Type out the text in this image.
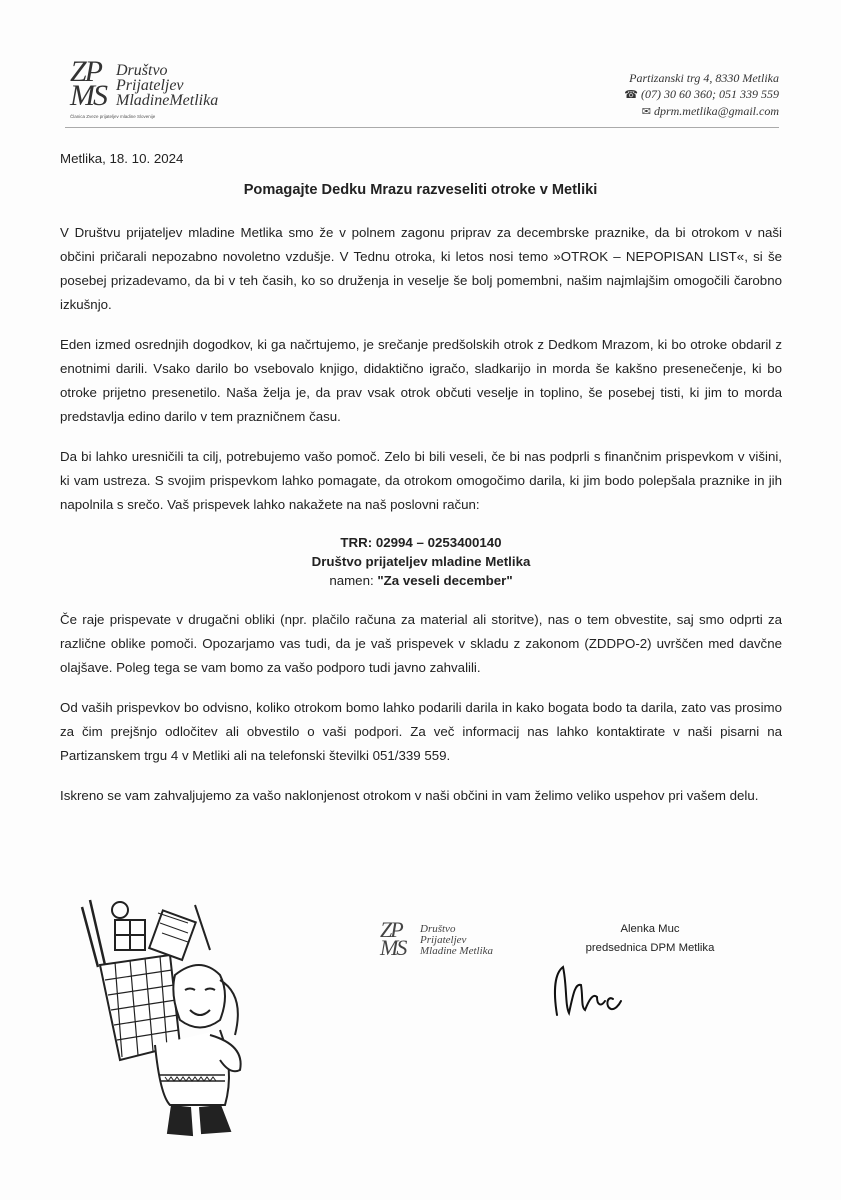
ZP
MS
Društvo
Prijateljev
MladineMetlika
Članica Zveze prijateljev mladine Slovenije
Partizanski trg 4, 8330 Metlika
☎ (07) 30 60 360; 051 339 559
✉ dprm.metlika@gmail.com
Metlika, 18. 10. 2024
Pomagajte Dedku Mrazu razveseliti otroke v Metliki

V Društvu prijateljev mladine Metlika smo že v polnem zagonu priprav za decembrske praznike, da bi otrokom v naši občini pričarali nepozabno novoletno vzdušje. V Tednu otroka, ki letos nosi temo »OTROK – NEPOPISAN LIST«, si še posebej prizadevamo, da bi v teh časih, ko so druženja in veselje še bolj pomembni, našim najmlajšim omogočili čarobno izkušnjo.

Eden izmed osrednjih dogodkov, ki ga načrtujemo, je srečanje predšolskih otrok z Dedkom Mrazom, ki bo otroke obdaril z enotnimi darili. Vsako darilo bo vsebovalo knjigo, didaktično igračo, sladkarijo in morda še kakšno presenečenje, ki bo otroke prijetno presenetilo. Naša želja je, da prav vsak otrok občuti veselje in toplino, še posebej tisti, ki jim to morda predstavlja edino darilo v tem prazničnem času.

Da bi lahko uresničili ta cilj, potrebujemo vašo pomoč. Zelo bi bili veseli, če bi nas podprli s finančnim prispevkom v višini, ki vam ustreza. S svojim prispevkom lahko pomagate, da otrokom omogočimo darila, ki jim bodo polepšala praznike in jih napolnila s srečo. Vaš prispevek lahko nakažete na naš poslovni račun:

TRR: 02994 – 0253400140
Društvo prijateljev mladine Metlika
namen: "Za veseli december"

Če raje prispevate v drugačni obliki (npr. plačilo računa za material ali storitve), nas o tem obvestite, saj smo odprti za različne oblike pomoči. Opozarjamo vas tudi, da je vaš prispevek v skladu z zakonom (ZDDPO-2) uvrščen med davčne olajšave. Poleg tega se vam bomo za vašo podporo tudi javno zahvalili.

Od vaših prispevkov bo odvisno, koliko otrokom bomo lahko podarili darila in kako bogata bodo ta darila, zato vas prosimo za čim prejšnjo odločitev ali obvestilo o vaši podpori. Za več informacij nas lahko kontaktirate v naši pisarni na Partizanskem trgu 4 v Metliki ali na telefonski številki 051/339 559.

Iskreno se vam zahvaljujemo za vašo naklonjenost otrokom v naši občini in vam želimo veliko uspehov pri vašem delu.

ZP
MS
Društvo
Prijateljev
Mladine Metlika
Alenka Muc
predsednica DPM Metlika
